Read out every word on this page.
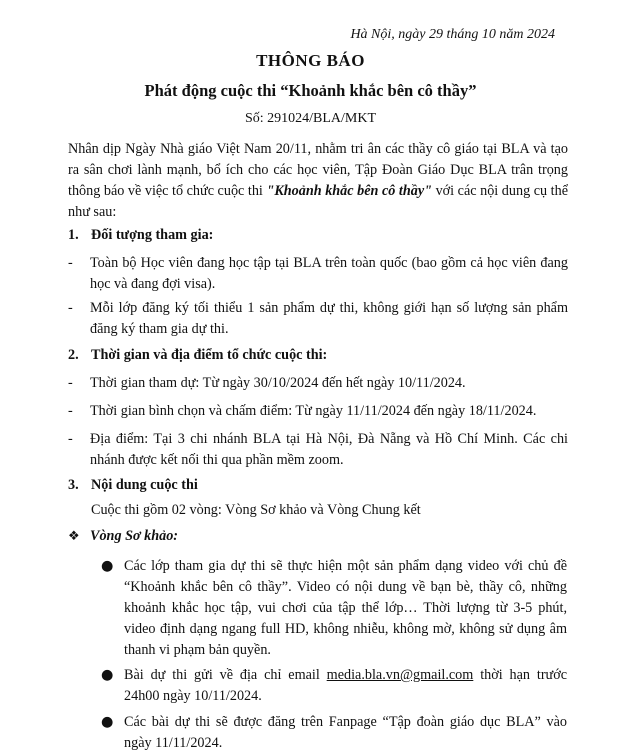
Hà Nội, ngày 29 tháng 10 năm 2024
THÔNG BÁO
Phát động cuộc thi “Khoảnh khắc bên cô thầy”
Số: 291024/BLA/MKT

Nhân dịp Ngày Nhà giáo Việt Nam 20/11, nhằm tri ân các thầy cô giáo tại BLA và tạo ra sân chơi lành mạnh, bổ ích cho các học viên, Tập Đoàn Giáo Dục BLA trân trọng thông báo về việc tổ chức cuộc thi "Khoảnh khắc bên cô thầy" với các nội dung cụ thể như sau:

1. Đối tượng tham gia:
- Toàn bộ Học viên đang học tập tại BLA trên toàn quốc (bao gồm cả học viên đang học và đang đợi visa).
- Mỗi lớp đăng ký tối thiểu 1 sản phẩm dự thi, không giới hạn số lượng sản phẩm đăng ký tham gia dự thi.
2. Thời gian và địa điểm tổ chức cuộc thi:
- Thời gian tham dự: Từ ngày 30/10/2024 đến hết ngày 10/11/2024.
- Thời gian bình chọn và chấm điểm: Từ ngày 11/11/2024 đến ngày 18/11/2024.
- Địa điểm: Tại 3 chi nhánh BLA tại Hà Nội, Đà Nẵng và Hồ Chí Minh. Các chi nhánh được kết nối thi qua phần mềm zoom.
3. Nội dung cuộc thi
Cuộc thi gồm 02 vòng: Vòng Sơ khảo và Vòng Chung kết
❖ Vòng Sơ khảo:
● Các lớp tham gia dự thi sẽ thực hiện một sản phẩm dạng video với chủ đề “Khoảnh khắc bên cô thầy”. Video có nội dung về bạn bè, thầy cô, những khoảnh khắc học tập, vui chơi của tập thể lớp… Thời lượng từ 3-5 phút, video định dạng ngang full HD, không nhiễu, không mờ, không sử dụng âm thanh vi phạm bản quyền.
● Bài dự thi gửi về địa chỉ email media.bla.vn@gmail.com thời hạn trước 24h00 ngày 10/11/2024.
● Các bài dự thi sẽ được đăng trên Fanpage “Tập đoàn giáo dục BLA” vào ngày 11/11/2024.
